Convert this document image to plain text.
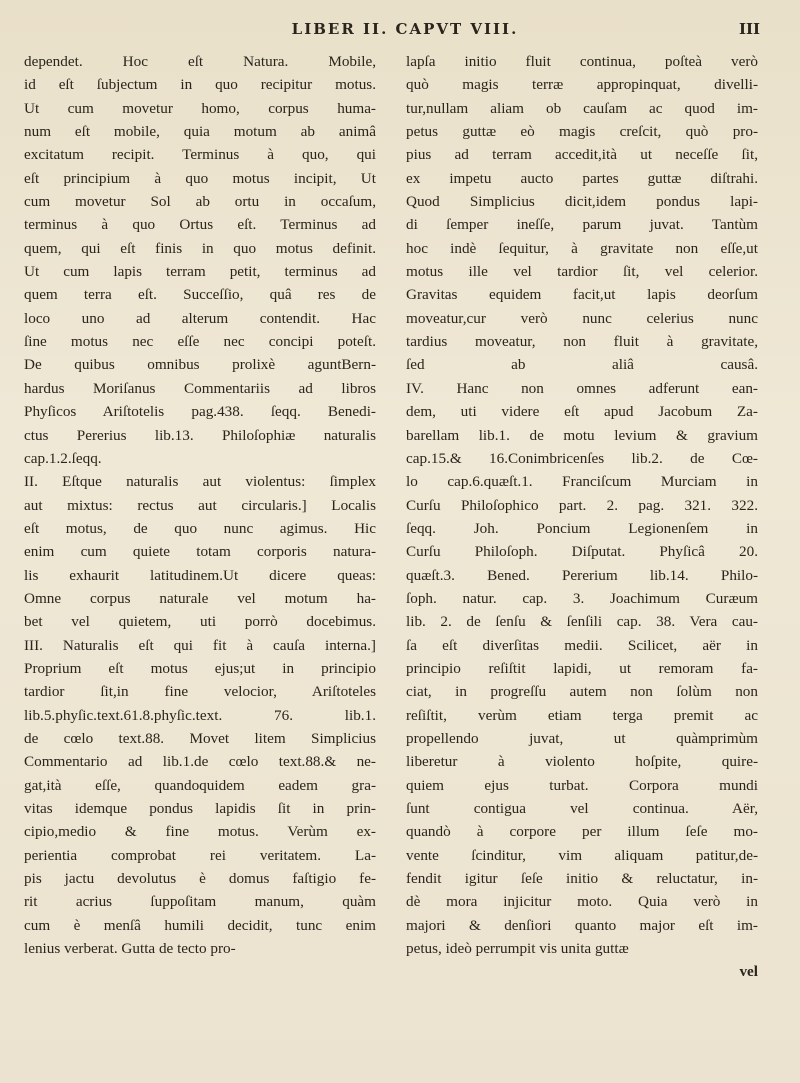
LIBER II. CAPVT VIII.	III
dependet. Hoc eſt Natura. Mobile,
id eſt ſubjectum in quo recipitur motus.
Ut cum movetur homo, corpus huma-
num eſt mobile, quia motum ab animâ
excitatum recipit. Terminus à quo, qui
eſt principium à quo motus incipit, Ut
cum movetur Sol ab ortu in occaſum,
terminus à quo Ortus eſt. Terminus ad
quem, qui eſt finis in quo motus definit.
Ut cum lapis terram petit, terminus ad
quem terra eſt. Succeſſio, quâ res de
loco uno ad alterum contendit. Hac
ſine motus nec eſſe nec concipi poteſt.
De quibus omnibus prolixè aguntBern-
hardus Moriſanus Commentariis ad libros
Phyſicos Ariſtotelis pag.438. ſeqq. Benedi-
ctus Pererius lib.13. Philoſophiæ naturalis
cap.1.2.ſeqq.
II. Eſtque naturalis aut violentus: ſimplex
aut mixtus: rectus aut circularis.] Localis
eſt motus, de quo nunc agimus. Hic
enim cum quiete totam corporis natura-
lis exhaurit latitudinem.Ut dicere queas:
Omne corpus naturale vel motum ha-
bet vel quietem, uti porrò docebimus.
III. Naturalis eſt qui fit à cauſa interna.]
Proprium eſt motus ejus;ut in principio
tardior ſit,in fine velocior, Ariſtoteles
lib.5.phyſic.text.61.8.phyſic.text. 76. lib.1.
de cœlo text.88. Movet litem Simplicius
Commentario ad lib.1.de cœlo text.88.& ne-
gat,ità eſſe, quandoquidem eadem gra-
vitas idemque pondus lapidis ſit in prin-
cipio,medio & fine motus. Verùm ex-
perientia comprobat rei veritatem. La-
pis jactu devolutus è domus faſtigio fe-
rit acrius ſuppoſitam manum, quàm
cum è menſâ humili decidit, tunc enim
lenius verberat. Gutta de tecto pro-
lapſa initio fluit continua, poſteà verò
quò magis terræ appropinquat, divelli-
tur,nullam aliam ob cauſam ac quod im-
petus guttæ eò magis creſcit, quò pro-
pius ad terram accedit,ità ut neceſſe ſit,
ex impetu aucto partes guttæ diſtrahi.
Quod Simplicius dicit,idem pondus lapi-
di ſemper ineſſe, parum juvat. Tantùm
hoc indè ſequitur, à gravitate non eſſe,ut
motus ille vel tardior ſit, vel celerior.
Gravitas equidem facit,ut lapis deorſum
moveatur,cur verò nunc celerius nunc
tardius moveatur, non fluit à gravitate,
ſed ab aliâ causâ.
IV. Hanc non omnes adferunt ean-
dem, uti videre eſt apud Jacobum Za-
barellam lib.1. de motu levium & gravium
cap.15.& 16.Conimbricenſes lib.2. de Cœ-
lo cap.6.quæſt.1. Franciſcum Murciam in
Curſu Philoſophico part. 2. pag. 321. 322.
ſeqq. Joh. Poncium Legionenſem in
Curſu Philoſoph. Diſputat. Phyſicâ 20.
quæſt.3. Bened. Pererium lib.14. Philo-
ſoph. natur. cap. 3. Joachimum Curæum
lib. 2. de ſenſu & ſenſili cap. 38. Vera cau-
ſa eſt diverſitas medii. Scilicet, aër in
principio reſiſtit lapidi, ut remoram fa-
ciat, in progreſſu autem non ſolùm non
reſiſtit, verùm etiam terga premit ac
propellendo juvat, ut quàmprimùm
liberetur à violento hoſpite, quire-
quiem ejus turbat. Corpora mundi
ſunt contigua vel continua. Aër,
quandò à corpore per illum ſeſe mo-
vente ſcinditur, vim aliquam patitur,de-
fendit igitur ſeſe initio & reluctatur, in-
dè mora injicitur moto. Quia verò in
majori & denſiori quanto major eſt im-
petus, ideò perrumpit vis unita guttæ
vel
